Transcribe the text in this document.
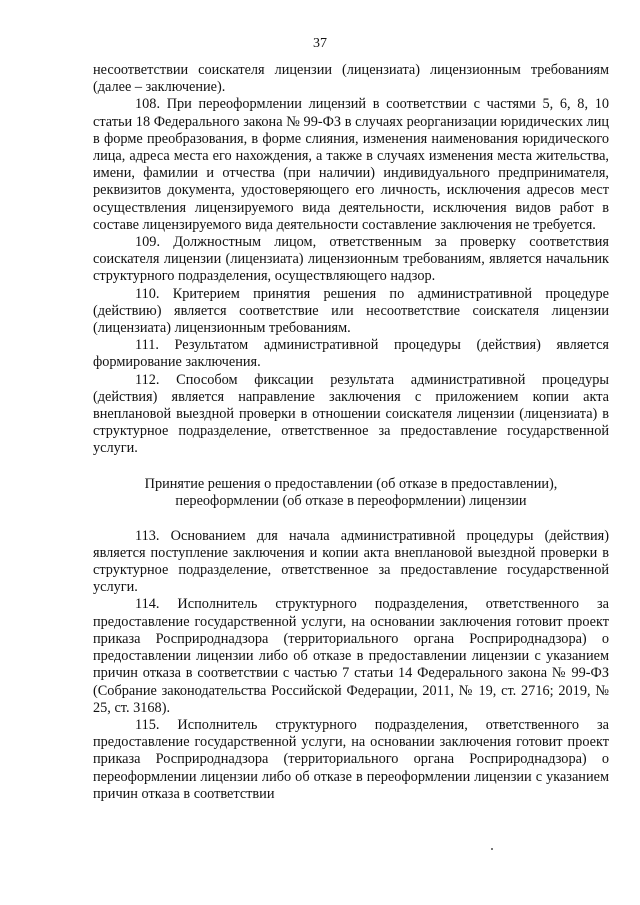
37

несоответствии соискателя лицензии (лицензиата) лицензионным требованиям (далее – заключение).

108. При переоформлении лицензий в соответствии с частями 5, 6, 8, 10 статьи 18 Федерального закона № 99-ФЗ в случаях реорганизации юридических лиц в форме преобразования, в форме слияния, изменения наименования юридического лица, адреса места его нахождения, а также в случаях изменения места жительства, имени, фамилии и отчества (при наличии) индивидуального предпринимателя, реквизитов документа, удостоверяющего его личность, исключения адресов мест осуществления лицензируемого вида деятельности, исключения видов работ в составе лицензируемого вида деятельности составление заключения не требуется.

109. Должностным лицом, ответственным за проверку соответствия соискателя лицензии (лицензиата) лицензионным требованиям, является начальник структурного подразделения, осуществляющего надзор.

110. Критерием принятия решения по административной процедуре (действию) является соответствие или несоответствие соискателя лицензии (лицензиата) лицензионным требованиям.

111. Результатом административной процедуры (действия) является формирование заключения.

112. Способом фиксации результата административной процедуры (действия) является направление заключения с приложением копии акта внеплановой выездной проверки в отношении соискателя лицензии (лицензиата) в структурное подразделение, ответственное за предоставление государственной услуги.

Принятие решения о предоставлении (об отказе в предоставлении),
переоформлении (об отказе в переоформлении) лицензии

113. Основанием для начала административной процедуры (действия) является поступление заключения и копии акта внеплановой выездной проверки в структурное подразделение, ответственное за предоставление государственной услуги.

114. Исполнитель структурного подразделения, ответственного за предоставление государственной услуги, на основании заключения готовит проект приказа Росприроднадзора (территориального органа Росприроднадзора) о предоставлении лицензии либо об отказе в предоставлении лицензии с указанием причин отказа в соответствии с частью 7 статьи 14 Федерального закона № 99-ФЗ (Собрание законодательства Российской Федерации, 2011, № 19, ст. 2716; 2019, № 25, ст. 3168).

115. Исполнитель структурного подразделения, ответственного за предоставление государственной услуги, на основании заключения готовит проект приказа Росприроднадзора (территориального органа Росприроднадзора) о переоформлении лицензии либо об отказе в переоформлении лицензии с указанием причин отказа в соответствии
